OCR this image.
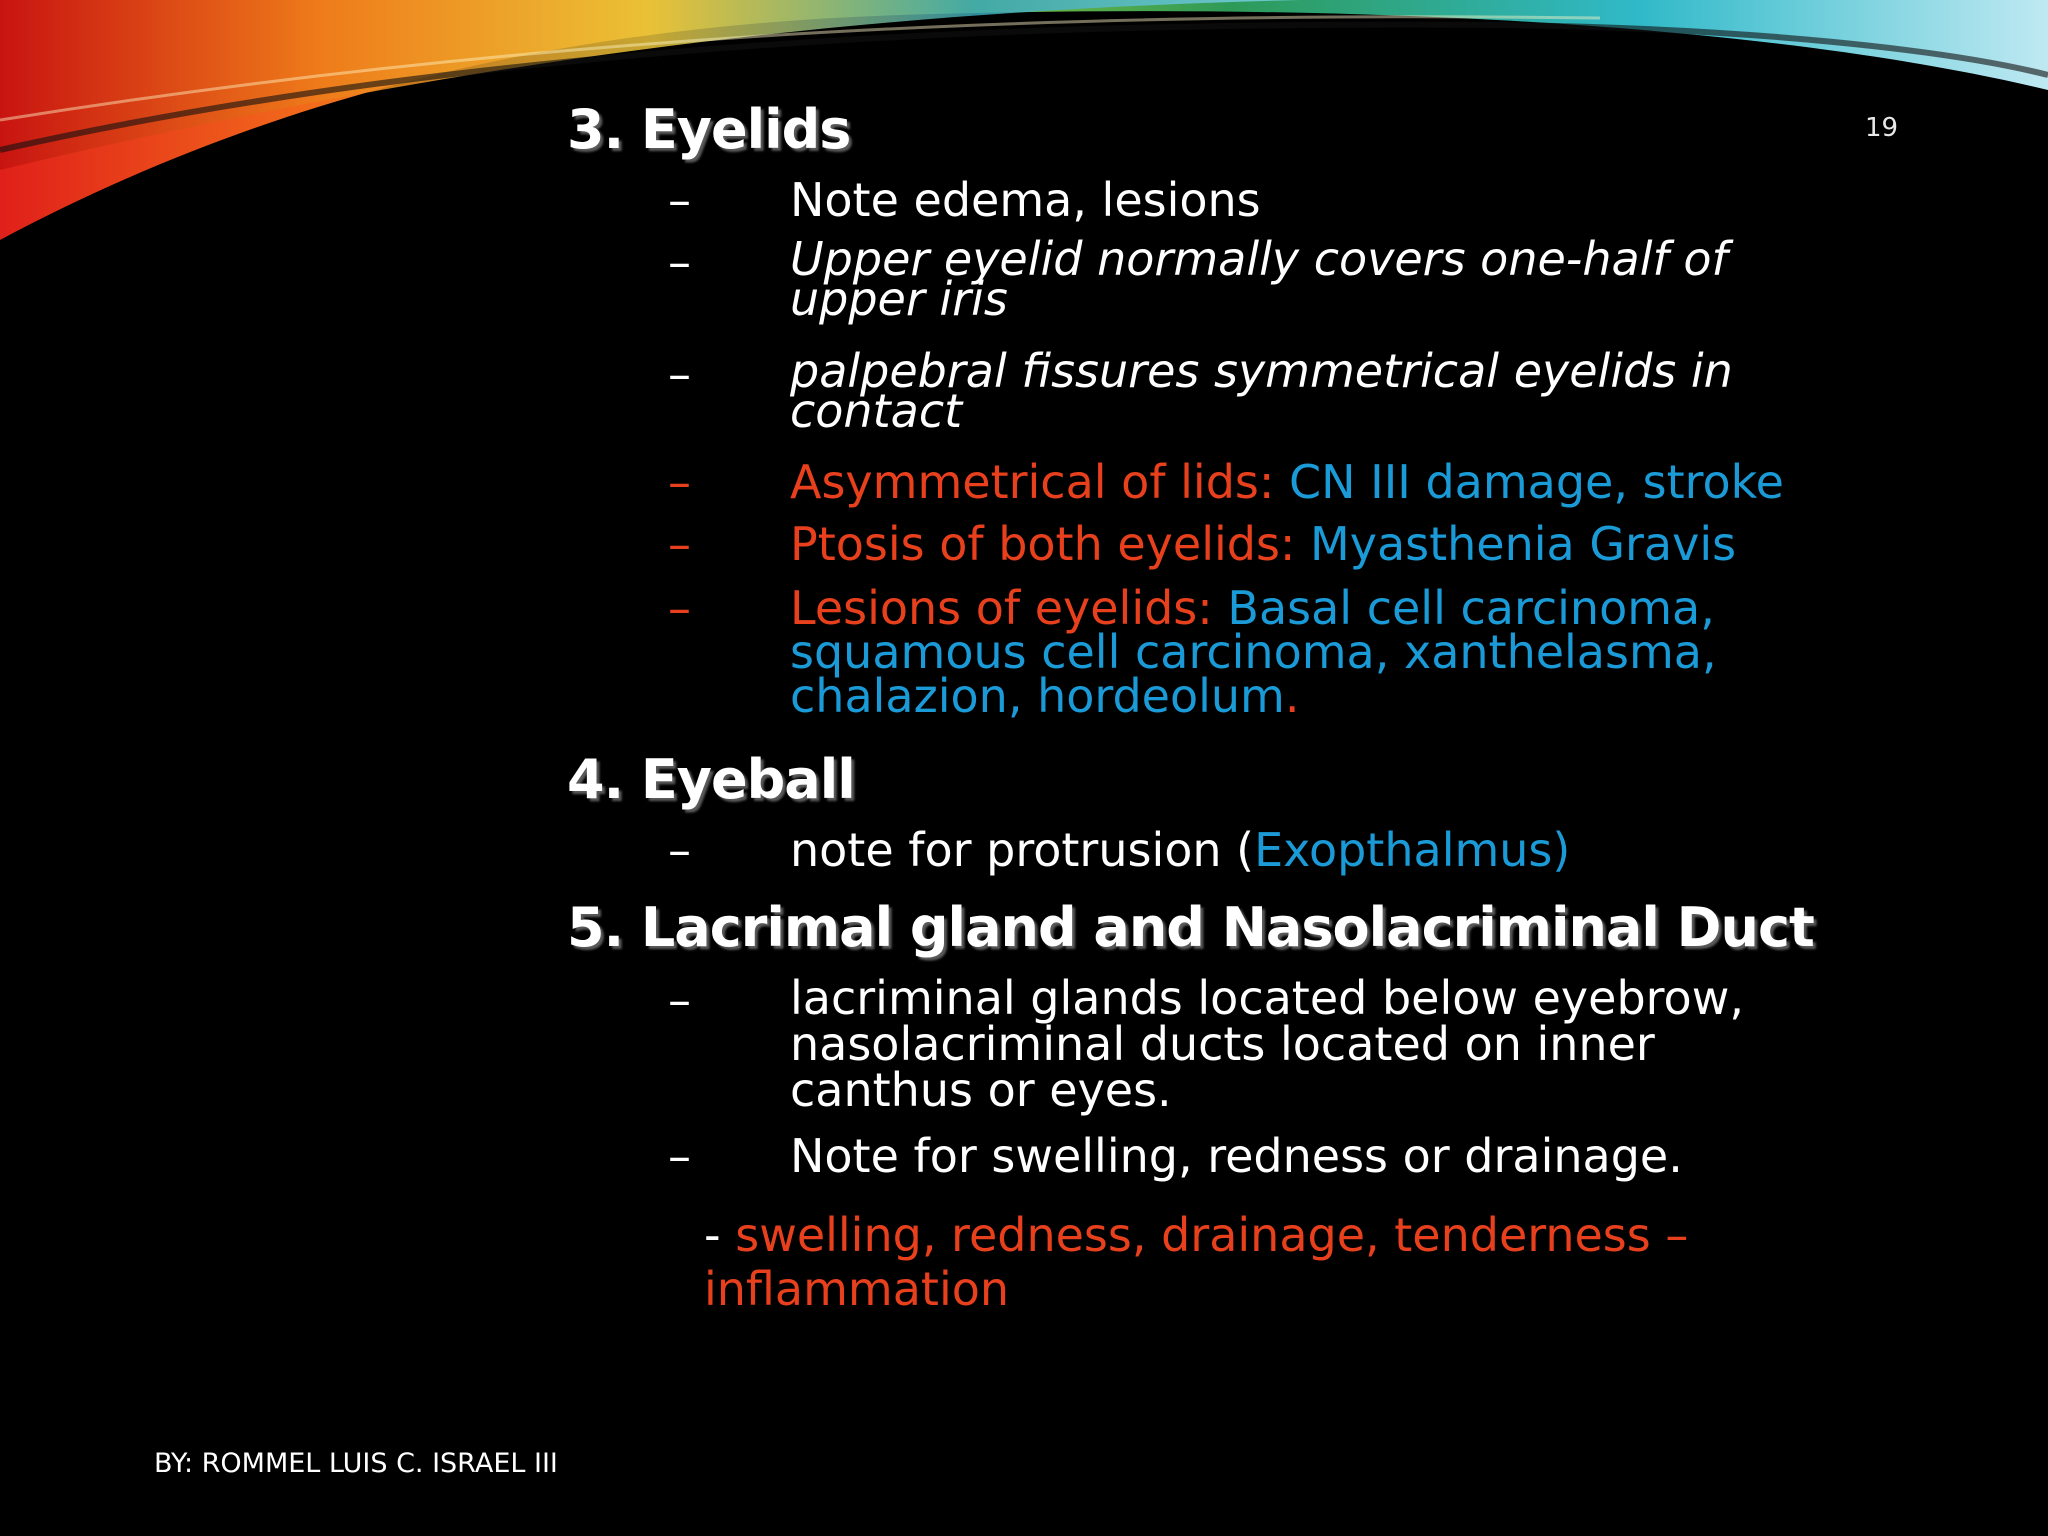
19
3. Eyelids
– Note edema, lesions
– Upper eyelid normally covers one-half of
upper iris
– palpebral fissures symmetrical eyelids in
contact
– Asymmetrical of lids: CN III damage, stroke
– Ptosis of both eyelids: Myasthenia Gravis
– Lesions of eyelids: Basal cell carcinoma,
squamous cell carcinoma, xanthelasma,
chalazion, hordeolum.
4. Eyeball
– note for protrusion (Exopthalmus)
5. Lacrimal gland and Nasolacriminal Duct
– lacriminal glands located below eyebrow,
nasolacriminal ducts located on inner
canthus or eyes.
– Note for swelling, redness or drainage.
- swelling, redness, drainage, tenderness –
inflammation
BY: ROMMEL LUIS C. ISRAEL III
